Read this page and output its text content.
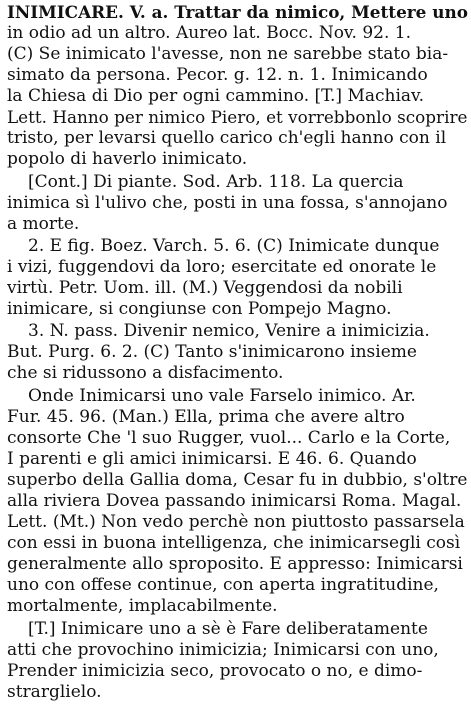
INIMICARE. V. a. Trattar da nimico, Mettere uno
in odio ad un altro. Aureo lat. Bocc. Nov. 92. 1.
(C) Se inimicato l'avesse, non ne sarebbe stato bia-
simato da persona. Pecor. g. 12. n. 1. Inimicando
la Chiesa di Dio per ogni cammino. [T.] Machiav.
Lett. Hanno per nimico Piero, et vorrebbonlo scoprire
tristo, per levarsi quello carico ch'egli hanno con il
popolo di haverlo inimicato.
[Cont.] Di piante. Sod. Arb. 118. La quercia
inimica sì l'ulivo che, posti in una fossa, s'annojano
a morte.
2. E fig. Boez. Varch. 5. 6. (C) Inimicate dunque
i vizi, fuggendovi da loro; esercitate ed onorate le
virtù. Petr. Uom. ill. (M.) Veggendosi da nobili
inimicare, si congiunse con Pompejo Magno.
3. N. pass. Divenir nemico, Venire a inimicizia.
But. Purg. 6. 2. (C) Tanto s'inimicarono insieme
che si ridussono a disfacimento.
Onde Inimicarsi uno vale Farselo inimico. Ar.
Fur. 45. 96. (Man.) Ella, prima che avere altro
consorte Che 'l suo Rugger, vuol... Carlo e la Corte,
I parenti e gli amici inimicarsi. E 46. 6. Quando
superbo della Gallia doma, Cesar fu in dubbio, s'oltre
alla riviera Dovea passando inimicarsi Roma. Magal.
Lett. (Mt.) Non vedo perchè non piuttosto passarsela
con essi in buona intelligenza, che inimicarsegli così
generalmente allo sproposito. E appresso: Inimicarsi
uno con offese continue, con aperta ingratitudine,
mortalmente, implacabilmente.
[T.] Inimicare uno a sè è Fare deliberatamente
atti che provochino inimicizia; Inimicarsi con uno,
Prender inimicizia seco, provocato o no, e dimo-
strarglielo.
